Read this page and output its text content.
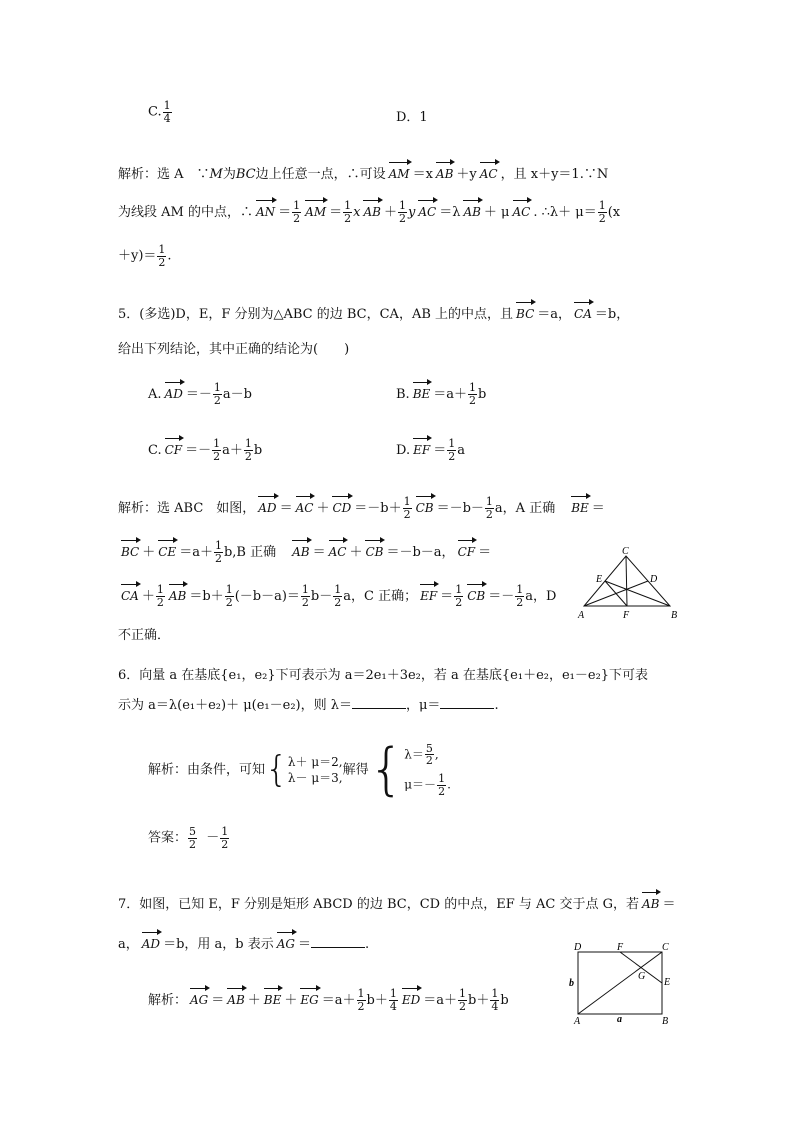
C. $\frac{1}{4}$	D．1
解析：选 A　∵M为BC边上任意一点，∴可设 AM ＝x AB ＋y AC ，且 x＋y＝1.∵N
为线段 AM 的中点，∴ AN ＝ $\frac{1}{2}$ AM ＝ $\frac{1}{2}$ x AB ＋ $\frac{1}{2}$ y AC ＝λ AB ＋ μ AC . ∴λ＋ $\mu= \frac{1}{2} (x$
$+y)= \frac{1}{2}$ .
5．(多选)D，E，F 分别为△ABC 的边 BC，CA，AB 上的中点，且 BC ＝a， CA ＝b，
给出下列结论，其中正确的结论为(　　)
A. AD ＝－ $\frac{1}{2} a-b$	B. BE $=a+ \frac{1}{2}$ b
C. CF ＝－ $\frac{1}{2} a+ \frac{1}{2}$ b	D. EF ＝ $\frac{1}{2}$ a
解析：选 ABC　如图， AD ＝ AC ＋ CD $=-b+ \frac{1}{2}$ CB $=-b- \frac{1}{2}$ a，A 正确　BE ＝
BC ＋ CE $=a+ \frac{1}{2} b,B$ 正确　AB ＝ AC ＋ CB ＝－b－a， CF ＝
CA ＋ $\frac{1}{2}$ AB $=b+ \frac{1}{2} (-b-a)= \frac{1}{2} b- \frac{1}{2}$ a，C 正确； EF ＝ $\frac{1}{2}$ CB ＝－ $\frac{1}{2}$ a，D
不正确．
C
A	B
D
E
F
6．向量 a 在基底{e₁，e₂}下可表示为 a＝2e₁＋3e₂，若 a 在基底{e₁＋e₂，e₁－e₂}下可表
示为 a＝λ(e₁＋e₂)＋ μ(e₁－e₂)，则 λ＝	，μ＝	.
解析：由条件，可知{ λ＋ μ＝2,
λ－ μ＝3,
解得{ $\lambda= \frac{5}{2}$ ,
$\mu=- \frac{1}{2}$ .
答案： $\frac{5}{2} - \frac{1}{2}$
7．如图，已知 E，F 分别是矩形 ABCD 的边 BC，CD 的中点，EF 与 AC 交于点 G，若 AB ＝
a， AD ＝b，用 a，b 表示 AG ＝	.
解析： AG ＝ AB ＋ BE ＋ EG $=a+ \frac{1}{2} b+ \frac{1}{4}$ ED $=a+ \frac{1}{2} b+ \frac{1}{4}$ b
D	C
A	B
F
E
G
a
b
